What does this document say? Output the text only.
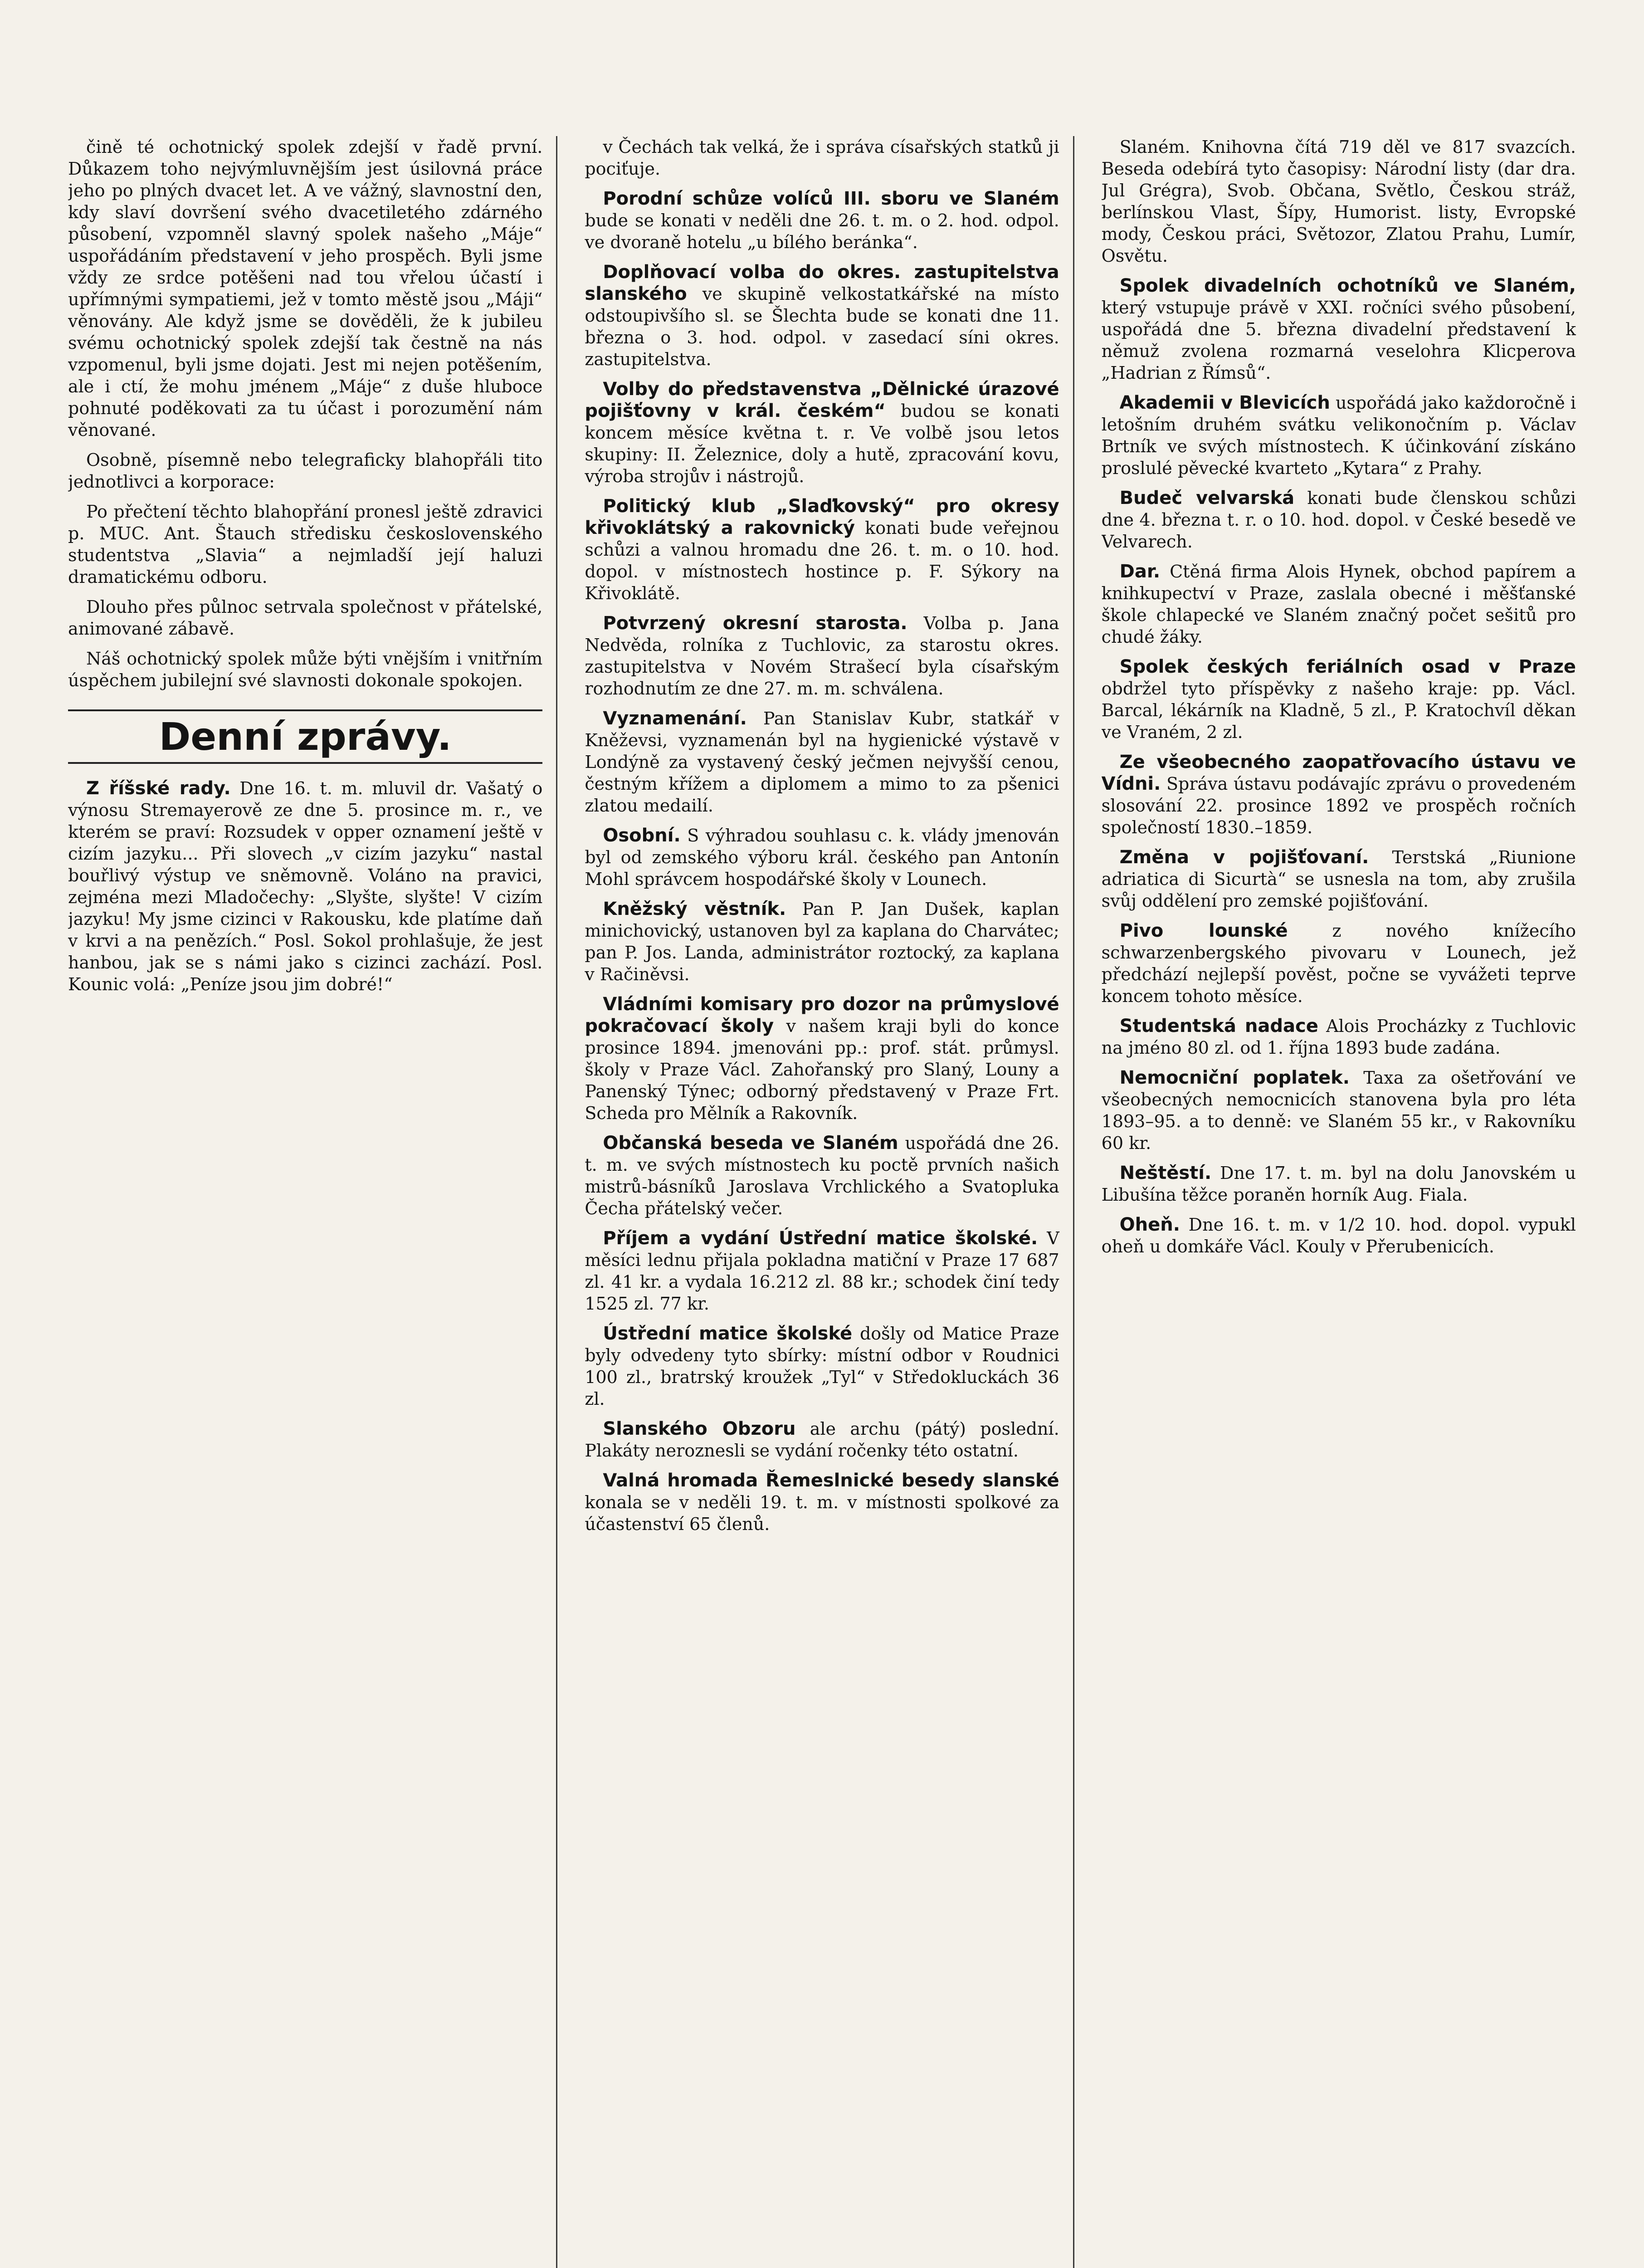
čině té ochotnický spolek zdejší v řadě první. Důkazem toho nejvýmluvnějším jest úsilovná práce jeho po plných dvacet let. A ve vážný, slavnostní den, kdy slaví dovršení svého dvacetiletého zdárného působení, vzpomněl slavný spolek našeho „Máje“ uspořádáním představení v jeho prospěch. Byli jsme vždy ze srdce potěšeni nad tou vřelou účastí i upřímnými sympatiemi, jež v tomto městě jsou „Máji“ věnovány. Ale když jsme se dověděli, že k jubileu svému ochotnický spolek zdejší tak čestně na nás vzpomenul, byli jsme dojati. Jest mi nejen potěšením, ale i ctí, že mohu jménem „Máje“ z duše hluboce pohnuté poděkovati za tu účast i porozumění nám věnované.

Osobně, písemně nebo telegraficky blahopřáli tito jednotlivci a korporace:

Po přečtení těchto blahopřání pronesl ještě zdravici p. MUC. Ant. Štauch středisku československého studentstva „Slavia“ a nejmladší její haluzi dramatickému odboru.

Dlouho přes půlnoc setrvala společnost v přátelské, animované zábavě.

Náš ochotnický spolek může býti vnějším i vnitřním úspěchem jubilejní své slavnosti dokonale spokojen.

Denní zprávy.

Z říšské rady. Dne 16. t. m. mluvil dr. Vašatý o výnosu Stremayerově ze dne 5. prosince m. r., ve kterém se praví: Rozsudek v opper oznamení ještě v cizím jazyku... Při slovech „v cizím jazyku“ nastal bouřlivý výstup ve sněmovně. Voláno na pravici, zejména mezi Mladočechy: „Slyšte, slyšte! V cizím jazyku! My jsme cizinci v Rakousku, kde platíme daň v krvi a na penězích.“ Posl. Sokol prohlašuje, že jest hanbou, jak se s námi jako s cizinci zachází. Posl. Kounic volá: „Peníze jsou jim dobré!“

v Čechách tak velká, že i správa císařských statků ji pociťuje.

Porodní schůze volíců III. sboru ve Slaném bude se konati v neděli dne 26. t. m. o 2. hod. odpol. ve dvoraně hotelu „u bílého beránka“.

Doplňovací volba do okres. zastupitelstva slanského ve skupině velkostatkářské na místo odstoupivšího sl. se Šlechta bude se konati dne 11. března o 3. hod. odpol. v zasedací síni okres. zastupitelstva.

Volby do představenstva „Dělnické úrazové pojišťovny v král. českém“ budou se konati koncem měsíce května t. r. Ve volbě jsou letos skupiny: II. Železnice, doly a hutě, zpracování kovu, výroba strojův i nástrojů.

Politický klub „Slaďkovský“ pro okresy křivoklátský a rakovnický konati bude veřejnou schůzi a valnou hromadu dne 26. t. m. o 10. hod. dopol. v místnostech hostince p. F. Sýkory na Křivoklátě.

Potvrzený okresní starosta. Volba p. Jana Nedvěda, rolníka z Tuchlovic, za starostu okres. zastupitelstva v Novém Strašecí byla císařským rozhodnutím ze dne 27. m. m. schválena.

Vyznamenání. Pan Stanislav Kubr, statkář v Kněževsi, vyznamenán byl na hygienické výstavě v Londýně za vystavený český ječmen nejvyšší cenou, čestným křížem a diplomem a mimo to za pšenici zlatou medailí.

Osobní. S výhradou souhlasu c. k. vlády jmenován byl od zemského výboru král. českého pan Antonín Mohl správcem hospodářské školy v Lounech.

Kněžský věstník. Pan P. Jan Dušek, kaplan minichovický, ustanoven byl za kaplana do Charvátec; pan P. Jos. Landa, administrátor roztocký, za kaplana v Račiněvsi.

Vládními komisary pro dozor na průmyslové pokračovací školy v našem kraji byli do konce prosince 1894. jmenováni pp.: prof. stát. průmysl. školy v Praze Václ. Zahořanský pro Slaný, Louny a Panenský Týnec; odborný představený v Praze Frt. Scheda pro Mělník a Rakovník.

Občanská beseda ve Slaném uspořádá dne 26. t. m. ve svých místnostech ku poctě prvních našich mistrů-básníků Jaroslava Vrchlického a Svatopluka Čecha přátelský večer.

Příjem a vydání Ústřední matice školské. V měsíci lednu přijala pokladna matiční v Praze 17 687 zl. 41 kr. a vydala 16.212 zl. 88 kr.; schodek činí tedy 1525 zl. 77 kr.

Ústřední matice školské došly od Matice Praze byly odvedeny tyto sbírky: místní odbor v Roudnici 100 zl., bratrský kroužek „Tyl“ v Středokluckách 36 zl.

Slanského Obzoru ale archu (pátý) poslední. Plakáty neroznesli se vydání ročenky této ostatní.

Valná hromada Řemeslnické besedy slanské konala se v neděli 19. t. m. v místnosti spolkové za účastenství 65 členů.

Slaném. Knihovna čítá 719 děl ve 817 svazcích. Beseda odebírá tyto časopisy: Národní listy (dar dra. Jul Grégra), Svob. Občana, Světlo, Českou stráž, berlínskou Vlast, Šípy, Humorist. listy, Evropské mody, Českou práci, Světozor, Zlatou Prahu, Lumír, Osvětu.

Spolek divadelních ochotníků ve Slaném, který vstupuje právě v XXI. ročníci svého působení, uspořádá dne 5. března divadelní představení k němuž zvolena rozmarná veselohra Klicperova „Hadrian z Římsů“.

Akademii v Blevicích uspořádá jako každoročně i letošním druhém svátku velikonočním p. Václav Brtník ve svých místnostech. K účinkování získáno proslulé pěvecké kvarteto „Kytara“ z Prahy.

Budeč velvarská konati bude členskou schůzi dne 4. března t. r. o 10. hod. dopol. v České besedě ve Velvarech.

Dar. Ctěná firma Alois Hynek, obchod papírem a knihkupectví v Praze, zaslala obecné i měšťanské škole chlapecké ve Slaném značný počet sešitů pro chudé žáky.

Spolek českých feriálních osad v Praze obdržel tyto příspěvky z našeho kraje: pp. Václ. Barcal, lékárník na Kladně, 5 zl., P. Kratochvíl děkan ve Vraném, 2 zl.

Ze všeobecného zaopatřovacího ústavu ve Vídni. Správa ústavu podávajíc zprávu o provedeném slosování 22. prosince 1892 ve prospěch ročních společností 1830.–1859.

Změna v pojišťovaní. Terstská „Riunione adriatica di Sicurtà“ se usnesla na tom, aby zrušila svůj oddělení pro zemské pojišťování.

Pivo lounské	z nového knížecího schwarzenbergského pivovaru v Lounech, jež předchází nejlepší pověst, počne se vyvážeti teprve koncem tohoto měsíce.

Studentská nadace Alois Procházky z Tuchlovic na jméno 80 zl. od 1. října 1893 bude zadána.

Nemocniční poplatek. Taxa za ošetřování ve všeobecných nemocnicích stanovena byla pro léta 1893–95. a to denně: ve Slaném 55 kr., v Rakovníku 60 kr.

Neštěstí. Dne 17. t. m. byl na dolu Janovském u Libušína těžce poraněn horník Aug. Fiala.

Oheň. Dne 16. t. m. v 1/2 10. hod. dopol. vypukl oheň u domkáře Václ. Kouly v Přerubenicích.
